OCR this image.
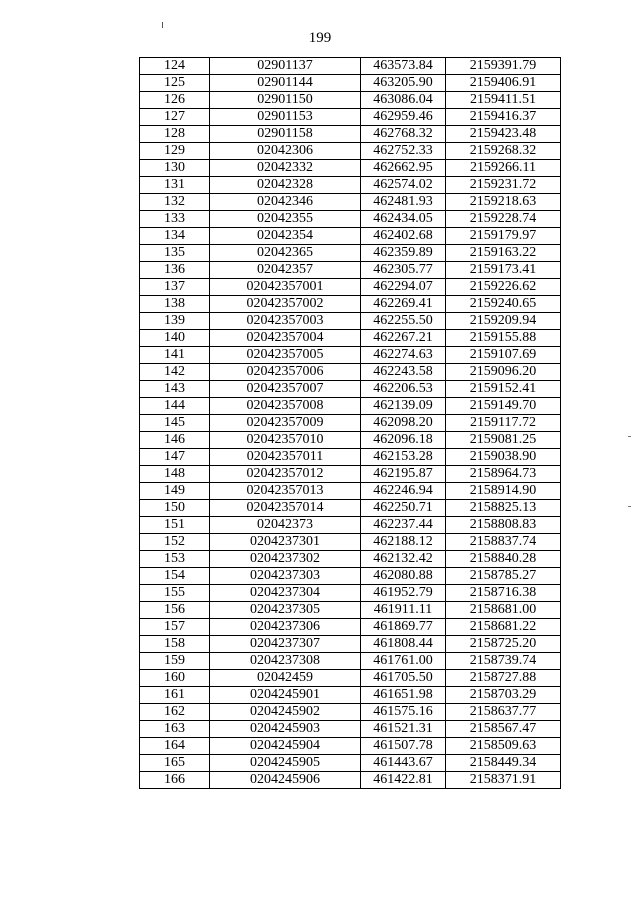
199
124	02901137	463573.84	2159391.79
125	02901144	463205.90	2159406.91
126	02901150	463086.04	2159411.51
127	02901153	462959.46	2159416.37
128	02901158	462768.32	2159423.48
129	02042306	462752.33	2159268.32
130	02042332	462662.95	2159266.11
131	02042328	462574.02	2159231.72
132	02042346	462481.93	2159218.63
133	02042355	462434.05	2159228.74
134	02042354	462402.68	2159179.97
135	02042365	462359.89	2159163.22
136	02042357	462305.77	2159173.41
137	02042357001	462294.07	2159226.62
138	02042357002	462269.41	2159240.65
139	02042357003	462255.50	2159209.94
140	02042357004	462267.21	2159155.88
141	02042357005	462274.63	2159107.69
142	02042357006	462243.58	2159096.20
143	02042357007	462206.53	2159152.41
144	02042357008	462139.09	2159149.70
145	02042357009	462098.20	2159117.72
146	02042357010	462096.18	2159081.25
147	02042357011	462153.28	2159038.90
148	02042357012	462195.87	2158964.73
149	02042357013	462246.94	2158914.90
150	02042357014	462250.71	2158825.13
151	02042373	462237.44	2158808.83
152	0204237301	462188.12	2158837.74
153	0204237302	462132.42	2158840.28
154	0204237303	462080.88	2158785.27
155	0204237304	461952.79	2158716.38
156	0204237305	461911.11	2158681.00
157	0204237306	461869.77	2158681.22
158	0204237307	461808.44	2158725.20
159	0204237308	461761.00	2158739.74
160	02042459	461705.50	2158727.88
161	0204245901	461651.98	2158703.29
162	0204245902	461575.16	2158637.77
163	0204245903	461521.31	2158567.47
164	0204245904	461507.78	2158509.63
165	0204245905	461443.67	2158449.34
166	0204245906	461422.81	2158371.91
